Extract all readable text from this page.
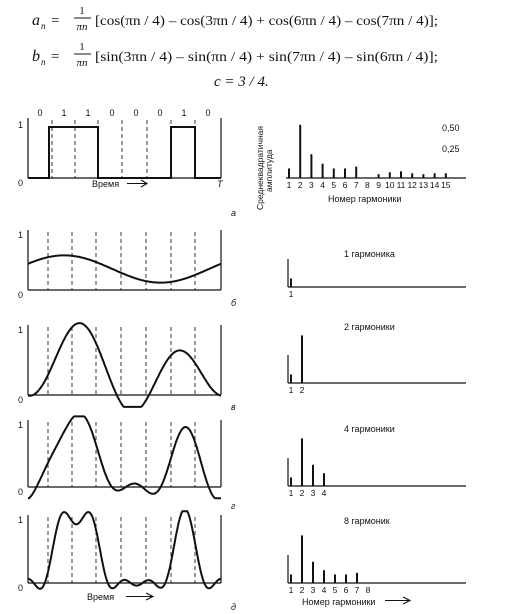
a n =
1
πn [cos(πn / 4) – cos(3πn / 4) + cos(6πn / 4) – cos(7πn / 4)];
b n =
1
πn [sin(3πn / 4) – sin(πn / 4) + sin(7πn / 4) – sin(6πn / 4)];
c = 3 / 4.
1
0
0 1 1 0 0 0 1 0
Время	T
а
Среднеквадратичная амплитуда 1 2 3 4 5 6 7 8 9 10 11 12 13 14 15
0,50
0,25
Номер гармоники
1
0
б
1
1 гармоника
1
0
в
1 2
2 гармоники
1
0
г
1 2 3 4
4 гармоники
1
0
д
1 2 3 4 5 6 7 8
8 гармоник
Время	Номер гармоники
